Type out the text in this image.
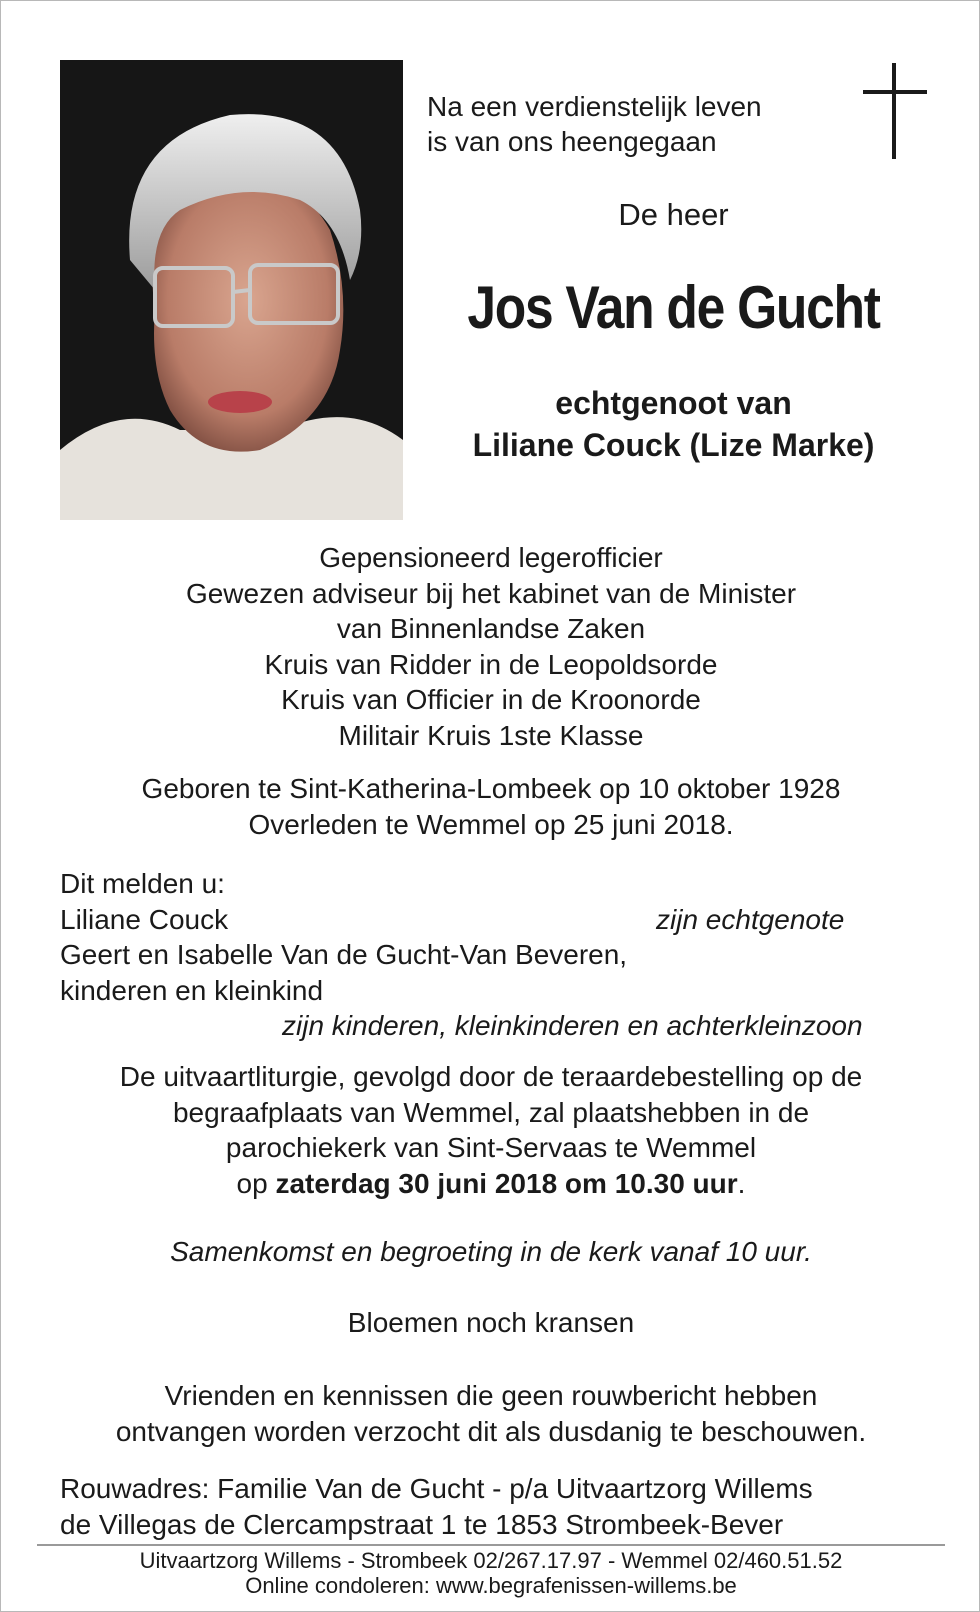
Na een verdienstelijk leven
is van ons heengegaan
De heer
Jos Van de Gucht
echtgenoot van
Liliane Couck (Lize Marke)
Gepensioneerd legerofficier
Gewezen adviseur bij het kabinet van de Minister
van Binnenlandse Zaken
Kruis van Ridder in de Leopoldsorde
Kruis van Officier in de Kroonorde
Militair Kruis 1ste Klasse
Geboren te Sint-Katherina-Lombeek op 10 oktober 1928
Overleden te Wemmel op 25 juni 2018.
Dit melden u:
Liliane Couck	zijn echtgenote
Geert en Isabelle Van de Gucht-Van Beveren,
kinderen en kleinkind
zijn kinderen, kleinkinderen en achterkleinzoon
De uitvaartliturgie, gevolgd door de teraardebestelling op de
begraafplaats van Wemmel, zal plaatshebben in de
parochiekerk van Sint-Servaas te Wemmel
op zaterdag 30 juni 2018 om 10.30 uur.
Samenkomst en begroeting in de kerk vanaf 10 uur.
Bloemen noch kransen
Vrienden en kennissen die geen rouwbericht hebben
ontvangen worden verzocht dit als dusdanig te beschouwen.
Rouwadres: Familie Van de Gucht - p/a Uitvaartzorg Willems
de Villegas de Clercampstraat 1 te 1853 Strombeek-Bever
Uitvaartzorg Willems - Strombeek 02/267.17.97 - Wemmel 02/460.51.52
Online condoleren: www.begrafenissen-willems.be
